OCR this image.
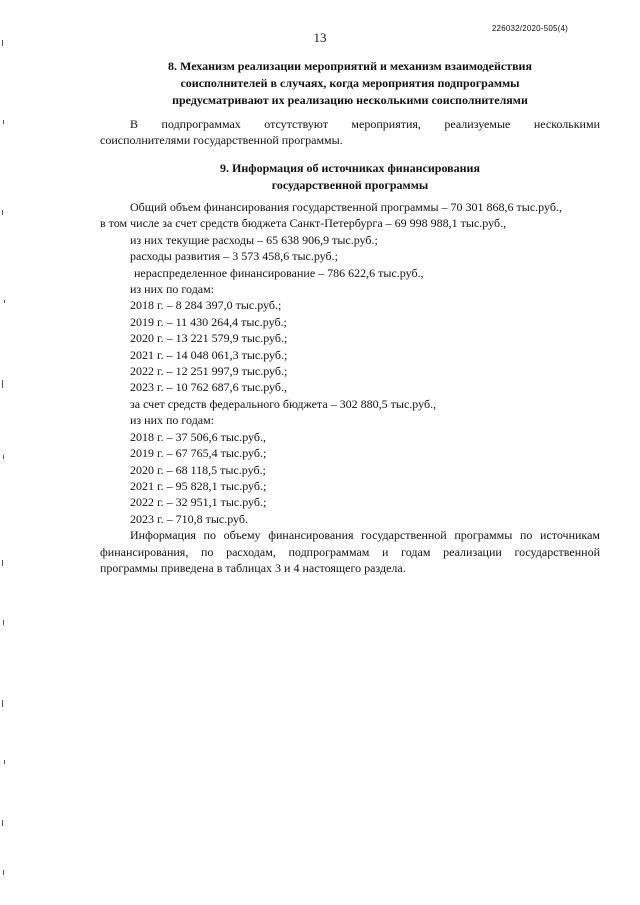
226032/2020-505(4)
13
8. Механизм реализации мероприятий и механизм взаимодействия
соисполнителей в случаях, когда мероприятия подпрограммы
предусматривают их реализацию несколькими соисполнителями
В подпрограммах отсутствуют мероприятия, реализуемые несколькими
соисполнителями государственной программы.
9. Информация об источниках финансирования
государственной программы
Общий объем финансирования государственной программы – 70 301 868,6 тыс.руб.,
в том числе за счет средств бюджета Санкт-Петербурга – 69 998 988,1 тыс.руб.,
из них текущие расходы – 65 638 906,9 тыс.руб.;
расходы развития – 3 573 458,6 тыс.руб.;
нераспределенное финансирование – 786 622,6 тыс.руб.,
из них по годам:
2018 г. – 8 284 397,0 тыс.руб.;
2019 г. – 11 430 264,4 тыс.руб.;
2020 г. – 13 221 579,9 тыс.руб.;
2021 г. – 14 048 061,3 тыс.руб.;
2022 г. – 12 251 997,9 тыс.руб.;
2023 г. – 10 762 687,6 тыс.руб.,
за счет средств федерального бюджета – 302 880,5 тыс.руб.,
из них по годам:
2018 г. – 37 506,6 тыс.руб.,
2019 г. – 67 765,4 тыс.руб.;
2020 г. – 68 118,5 тыс.руб.;
2021 г. – 95 828,1 тыс.руб.;
2022 г. – 32 951,1 тыс.руб.;
2023 г. – 710,8 тыс.руб.
Информация по объему финансирования государственной программы по источникам
финансирования, по расходам, подпрограммам и годам реализации государственной
программы приведена в таблицах 3 и 4 настоящего раздела.
